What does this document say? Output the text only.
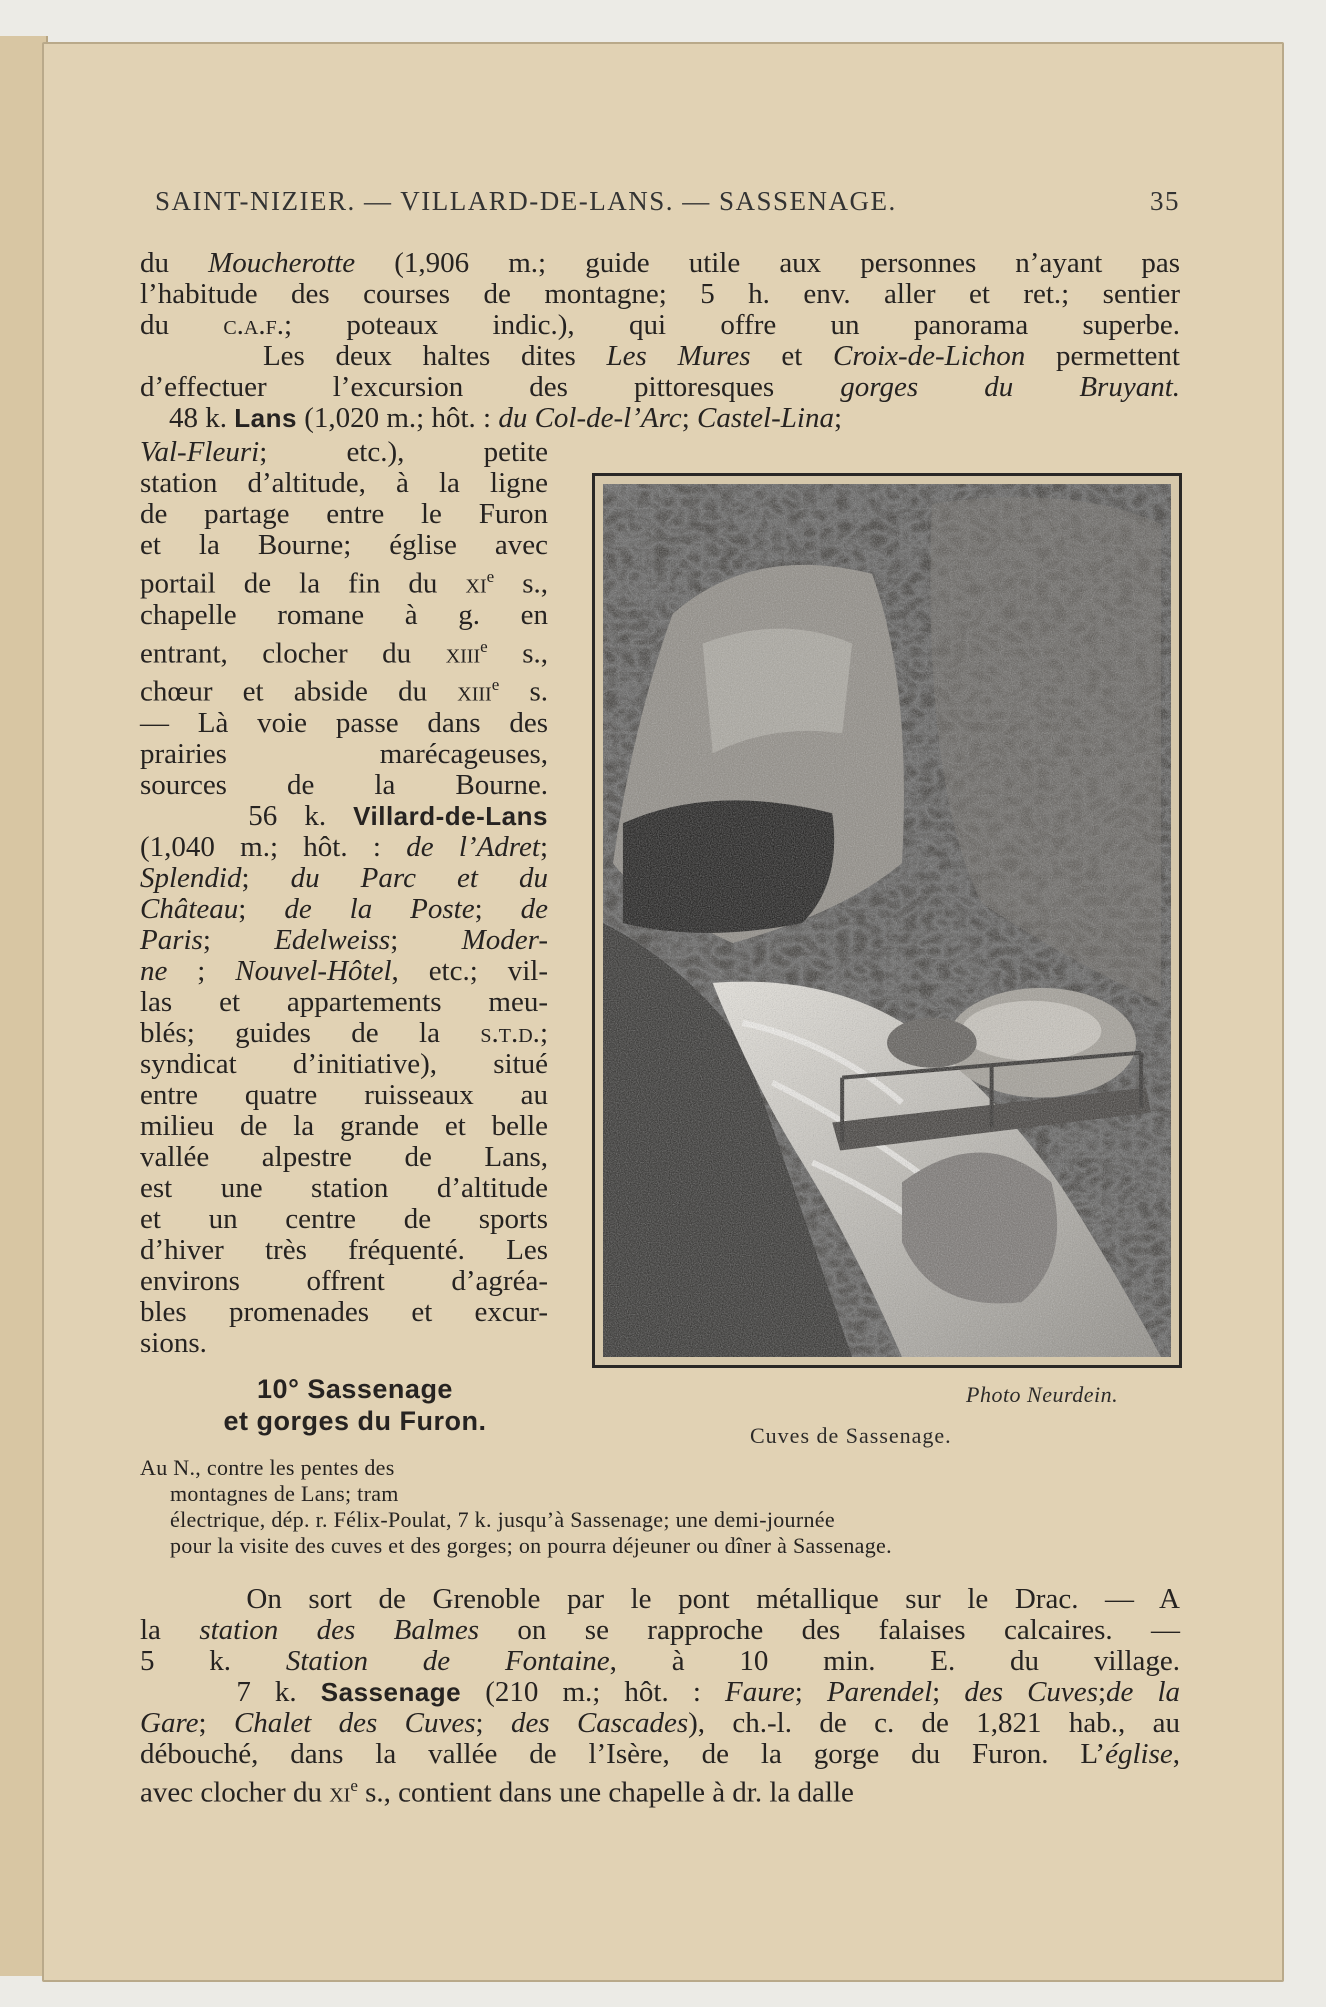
SAINT-NIZIER. — VILLARD-DE-LANS. — SASSENAGE.	35
du Moucherotte (1,906 m.; guide utile aux personnes n’ayant pas
l’habitude des courses de montagne; 5 h. env. aller et ret.; sentier
du c.a.f.; poteaux indic.), qui offre un panorama superbe.
Les deux haltes dites Les Mures et Croix-de-Lichon permettent
d’effectuer l’excursion des pittoresques gorges du Bruyant.
48 k. Lans (1,020 m.; hôt. : du Col-de-l’Arc; Castel-Lina;
Val-Fleuri; etc.), petite
station d’altitude, à la ligne
de partage entre le Furon
et la Bourne; église avec
portail de la fin du $xi^e$ s.,
chapelle romane à g. en
entrant, clocher du xiii$^e$ s.,
chœur et abside du xiii$^e$ s.
— Là voie passe dans des
prairies marécageuses,
sources de la Bourne.
56 k. Villard-de-Lans
(1,040 m.; hôt. : de l’Adret;
Splendid; du Parc et du
Château; de la Poste; de
Paris; Edelweiss; Moder-
ne ; Nouvel-Hôtel, etc.; vil-
las et appartements meu-
blés; guides de la s.t.d.;
syndicat d’initiative), situé
entre quatre ruisseaux au
milieu de la grande et belle
vallée alpestre de Lans,
est une station d’altitude
et un centre de sports
d’hiver très fréquenté. Les
environs offrent d’agréa-
bles promenades et excur-
sions.
Photo Neurdein.
Cuves de Sassenage.
10° Sassenage
et gorges du Furon.
Au N., contre les pentes des
montagnes de Lans; tram
électrique, dép. r. Félix-Poulat, 7 k. jusqu’à Sassenage; une demi-journée
pour la visite des cuves et des gorges; on pourra déjeuner ou dîner à Sassenage.
On sort de Grenoble par le pont métallique sur le Drac. — A
la station des Balmes on se rapproche des falaises calcaires. —
5 k. Station de Fontaine, à 10 min. E. du village.
7 k. Sassenage (210 m.; hôt. : Faure; Parendel; des Cuves;de la
Gare; Chalet des Cuves; des Cascades), ch.-l. de c. de 1,821 hab., au
débouché, dans la vallée de l’Isère, de la gorge du Furon. L’église,
avec clocher du $xi^e$ s., contient dans une chapelle à dr. la dalle
